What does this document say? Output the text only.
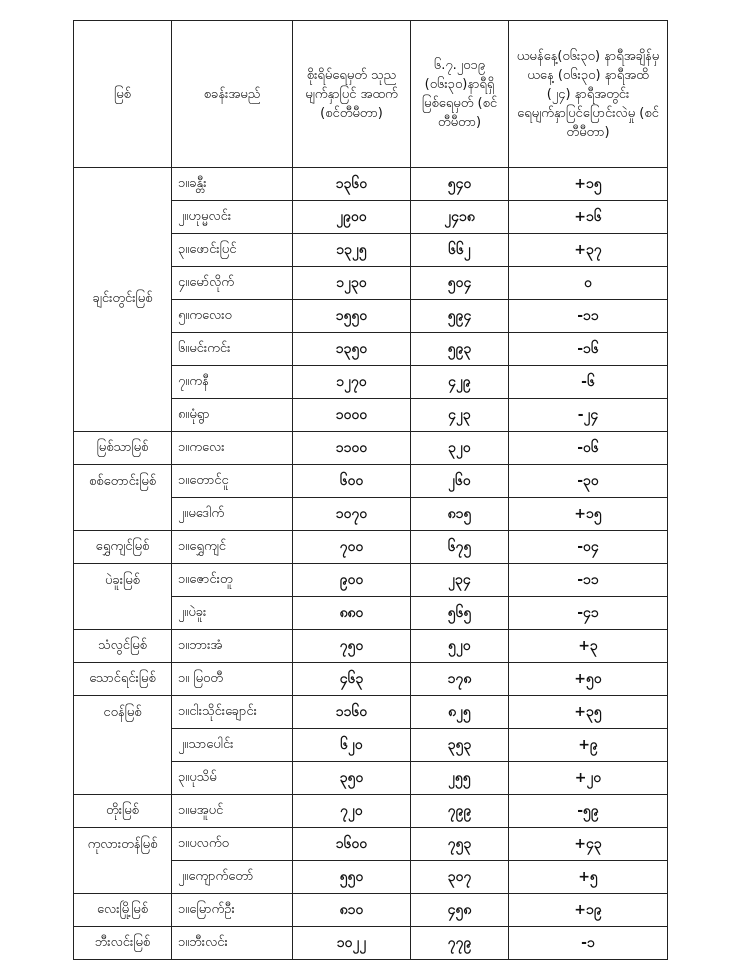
မြစ်	စခန်းအမည်	စိုးရိမ်ရေမှတ် သုညမျက်နှာပြင် အထက် (စင်တီမီတာ)	၆.၇.၂၀၁၉ (၀၆း၃၀)နာရီရှိ မြစ်ရေမှတ် (စင်တီမီတာ)	ယမန်နေ့(၀၆း၃၀) နာရီအချိန်မှ ယနေ့ (၀၆း၃၀) နာရီအထိ (၂၄) နာရီအတွင်း ရေမျက်နှာပြင်ပြောင်းလဲမှု (စင်တီမီတာ)
ချင်းတွင်းမြစ်	၁။ခန္တီး	၁၃၆၀	၅၄၀	+၁၅
	၂။ဟုမ္မလင်း	၂၉၀၀	၂၄၁၈	+၁၆
	၃။ဖောင်းပြင်	၁၃၂၅	၆၆၂	+၃၇
	၄။မော်လိုက်	၁၂၃၀	၅၀၄	၀
	၅။ကလေးဝ	၁၅၅၀	၅၉၄	-၁၁
	၆။မင်းကင်း	၁၃၅၀	၅၉၃	-၁၆
	၇။ကနီ	၁၂၇၀	၄၂၉	-၆
	၈။မုံရွာ	၁၀၀၀	၄၂၃	-၂၄
မြစ်သာမြစ်	၁။ကလေး	၁၁၀၀	၃၂၀	-၀၆
စစ်တောင်းမြစ်	၁။တောင်ငူ	၆၀၀	၂၆၀	-၃၀
	၂။မဒေါက်	၁၀၇၀	၈၁၅	+၁၅
ရွှေကျင်မြစ်	၁။ရွှေကျင်	၇၀၀	၆၇၅	-၀၄
ပဲခူးမြစ်	၁။ဇောင်းတူ	၉၀၀	၂၃၄	-၁၁
	၂။ပဲခူး	၈၈၀	၅၆၅	-၄၁
သံလွင်မြစ်	၁။ဘားအံ	၇၅၀	၅၂၀	+၃
သောင်ရင်းမြစ်	၁။ မြဝတီ	၄၆၃	၁၇၈	+၅၀
ငဝန်မြစ်	၁။ငါးသိုင်းချောင်း	၁၁၆၀	၈၂၅	+၃၅
	၂။သာပေါင်း	၆၂၀	၃၅၃	+၉
	၃။ပုသိမ်	၃၅၀	၂၅၅	+၂၀
တိုးမြစ်	၁။မအူပင်	၇၂၀	၇၉၉	-၅၉
ကုလားတန်မြစ်	၁။ပလက်ဝ	၁၆၀၀	၇၅၃	+၄၃
	၂။ကျောက်တော်	၅၅၀	၃၀၇	+၅
လေးမြို့မြစ်	၁။မြောက်ဦး	၈၁၀	၄၅၈	+၁၉
ဘီးလင်းမြစ်	၁။ဘီးလင်း	၁၀၂၂	၇၇၉	-၁
